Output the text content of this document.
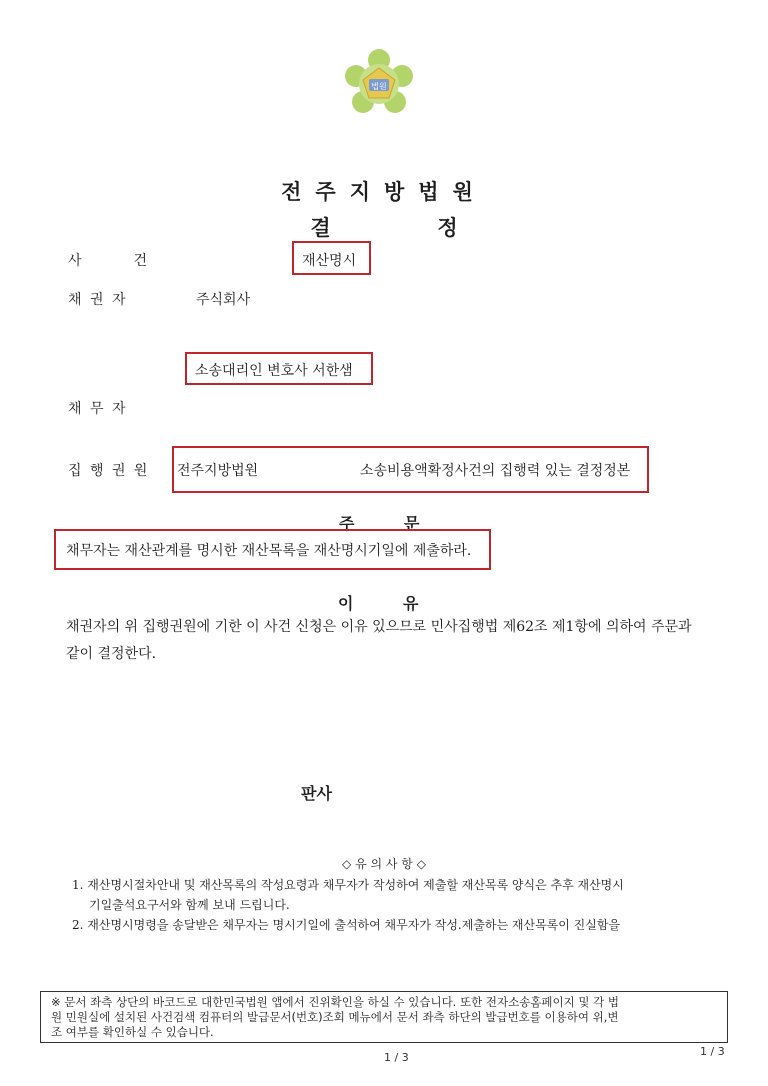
법원
전주지방법원
결	정
사	건	재산명시
채 권 자	주식회사
소송대리인 변호사 서한샘
채 무 자
집 행 권 원 전주지방법원	소송비용액확정사건의 집행력 있는 결정정본
주	문
채무자는 재산관계를 명시한 재산목록을 재산명시기일에 제출하라.
이	유
채권자의 위 집행권원에 기한 이 사건 신청은 이유 있으므로 민사집행법 제62조 제1항에 의하여 주문과 같이 결정한다.
판사
◇ 유 의 사 항 ◇
1. 재산명시절차안내 및 재산목록의 작성요령과 채무자가 작성하여 제출할 재산목록 양식은 추후 재산명시
기일출석요구서와 함께 보내 드립니다.
2. 재산명시명령을 송달받은 채무자는 명시기일에 출석하여 채무자가 작성.제출하는 재산목록이 진실함을
※ 문서 좌측 상단의 바코드로 대한민국법원 앱에서 진위확인을 하실 수 있습니다. 또한 전자소송홈페이지 및 각 법
원 민원실에 설치된 사건검색 컴퓨터의 발급문서(번호)조회 메뉴에서 문서 좌측 하단의 발급번호를 이용하여 위,변
조 여부를 확인하실 수 있습니다.
1 / 3	1 / 3
